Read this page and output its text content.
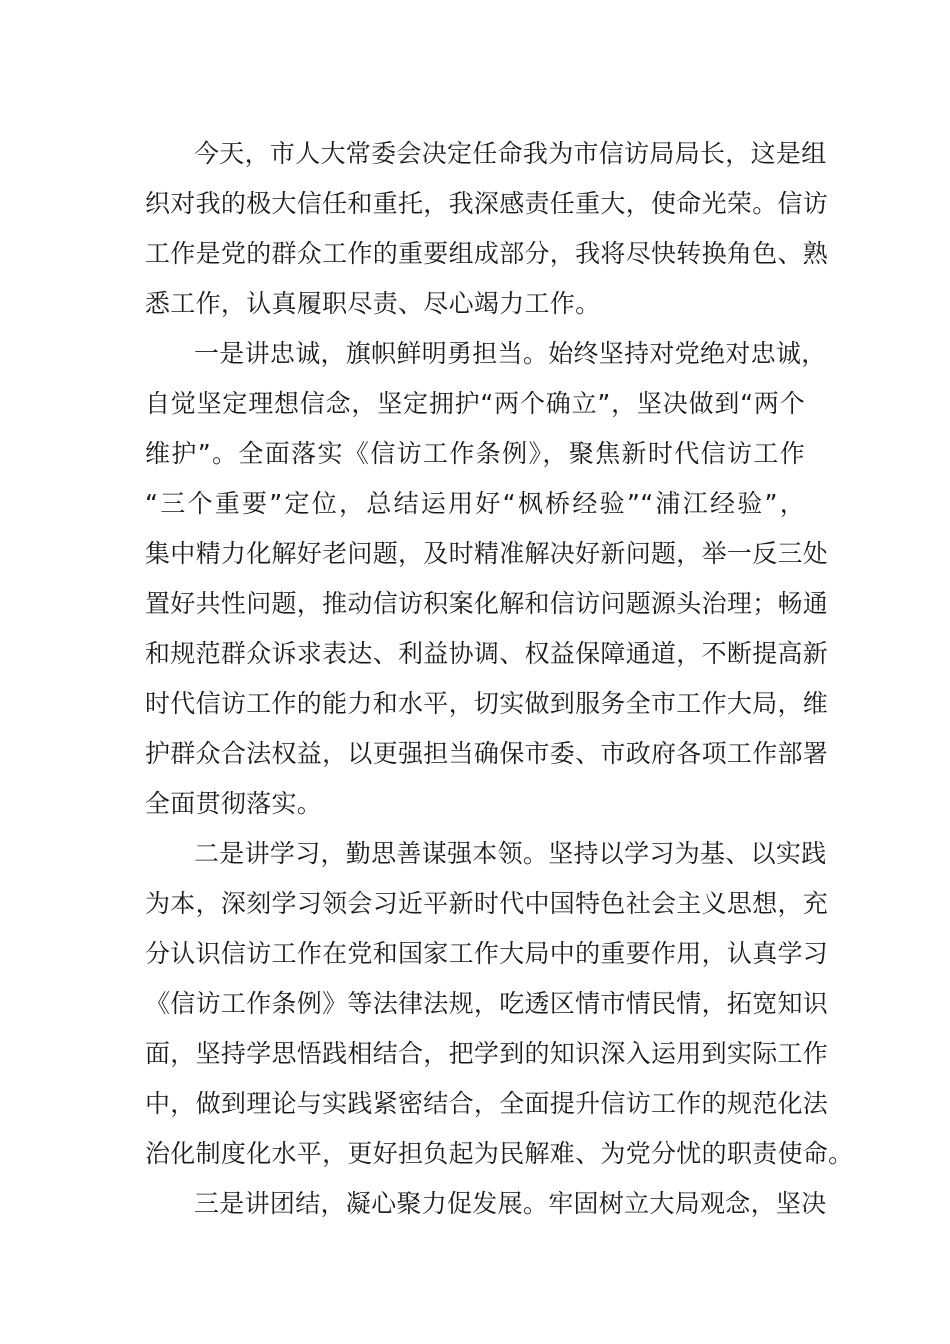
今天，市人大常委会决定任命我为市信访局局长，这是组
织对我的极大信任和重托，我深感责任重大，使命光荣。信访
工作是党的群众工作的重要组成部分，我将尽快转换角色、熟
悉工作，认真履职尽责、尽心竭力工作。
一是讲忠诚，旗帜鲜明勇担当。始终坚持对党绝对忠诚，
自觉坚定理想信念，坚定拥护“两个确立”，坚决做到“两个
维护”。全面落实《信访工作条例》，聚焦新时代信访工作
“三个重要”定位，总结运用好“枫桥经验”“浦江经验”，
集中精力化解好老问题，及时精准解决好新问题，举一反三处
置好共性问题，推动信访积案化解和信访问题源头治理；畅通
和规范群众诉求表达、利益协调、权益保障通道，不断提高新
时代信访工作的能力和水平，切实做到服务全市工作大局，维
护群众合法权益，以更强担当确保市委、市政府各项工作部署
全面贯彻落实。
二是讲学习，勤思善谋强本领。坚持以学习为基、以实践
为本，深刻学习领会习近平新时代中国特色社会主义思想，充
分认识信访工作在党和国家工作大局中的重要作用，认真学习
《信访工作条例》等法律法规，吃透区情市情民情，拓宽知识
面，坚持学思悟践相结合，把学到的知识深入运用到实际工作
中，做到理论与实践紧密结合，全面提升信访工作的规范化法
治化制度化水平，更好担负起为民解难、为党分忧的职责使命。
三是讲团结，凝心聚力促发展。牢固树立大局观念，坚决
